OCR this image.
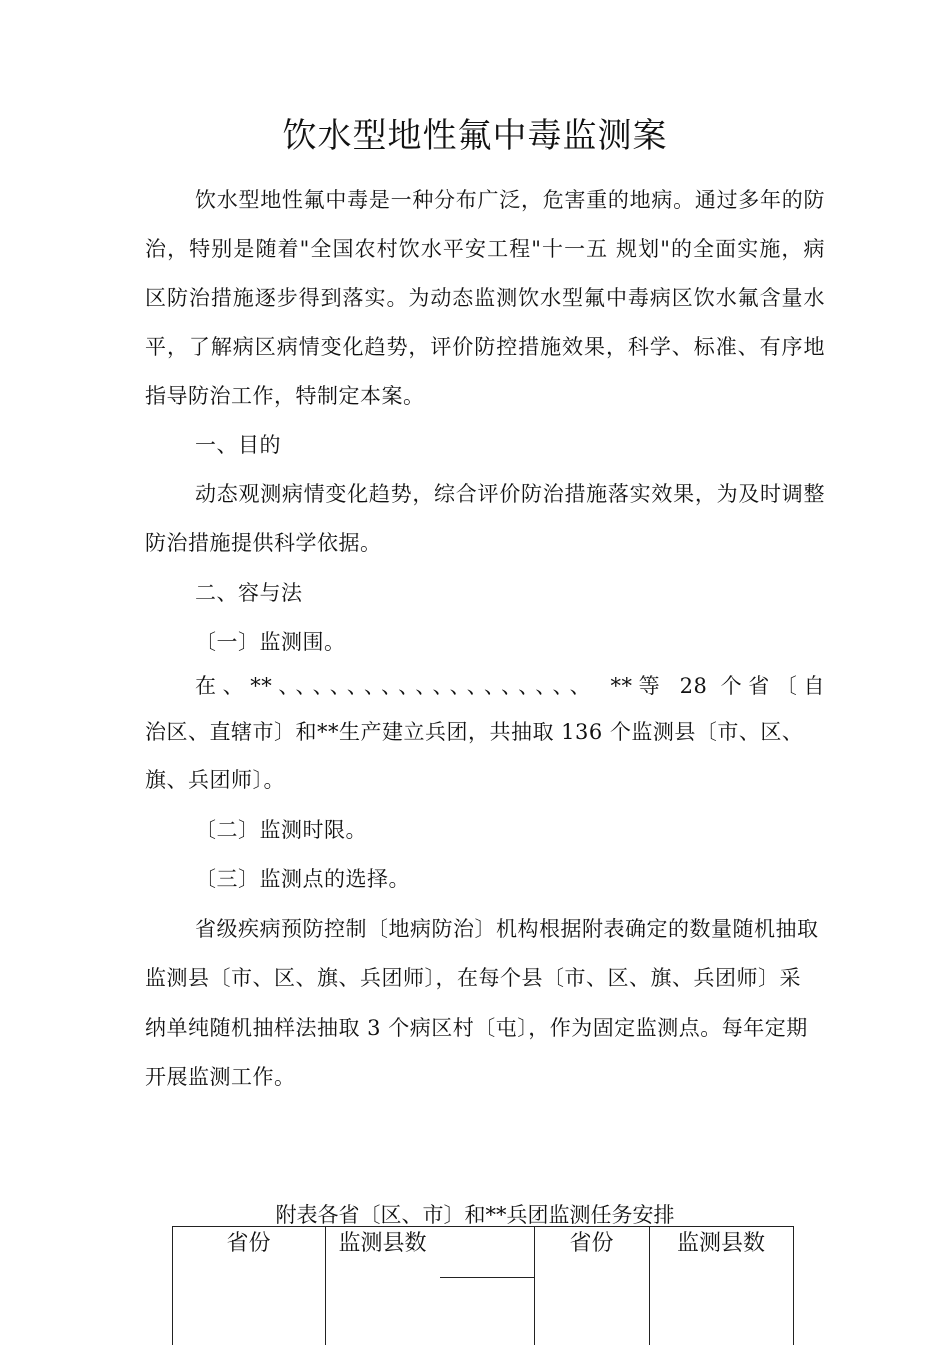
饮水型地性氟中毒监测案
饮水型地性氟中毒是一种分布广泛，危害重的地病。通过多年的防
治，特别是随着"全国农村饮水平安工程"十一五 规划"的全面实施，病
区防治措施逐步得到落实。为动态监测饮水型氟中毒病区饮水氟含量水
平，了解病区病情变化趋势，评价防控措施效果，科学、标准、有序地
指导防治工作，特制定本案。
一、目的
动态观测病情变化趋势，综合评价防治措施落实效果，为及时调整
防治措施提供科学依据。
二、容与法
〔一〕监测围。
在、**、、、、、、、、、、、、、、、、、、 **等 28 个省〔自
治区、直辖市〕和**生产建立兵团，共抽取 136 个监测县〔市、区、
旗、兵团师〕。
〔二〕监测时限。
〔三〕监测点的选择。
省级疾病预防控制〔地病防治〕机构根据附表确定的数量随机抽取
监测县〔市、区、旗、兵团师〕，在每个县〔市、区、旗、兵团师〕采
纳单纯随机抽样法抽取 3 个病区村〔屯〕，作为固定监测点。每年定期
开展监测工作。
附表各省〔区、市〕和**兵团监测任务安排
省份	监测县数	省份	监测县数
